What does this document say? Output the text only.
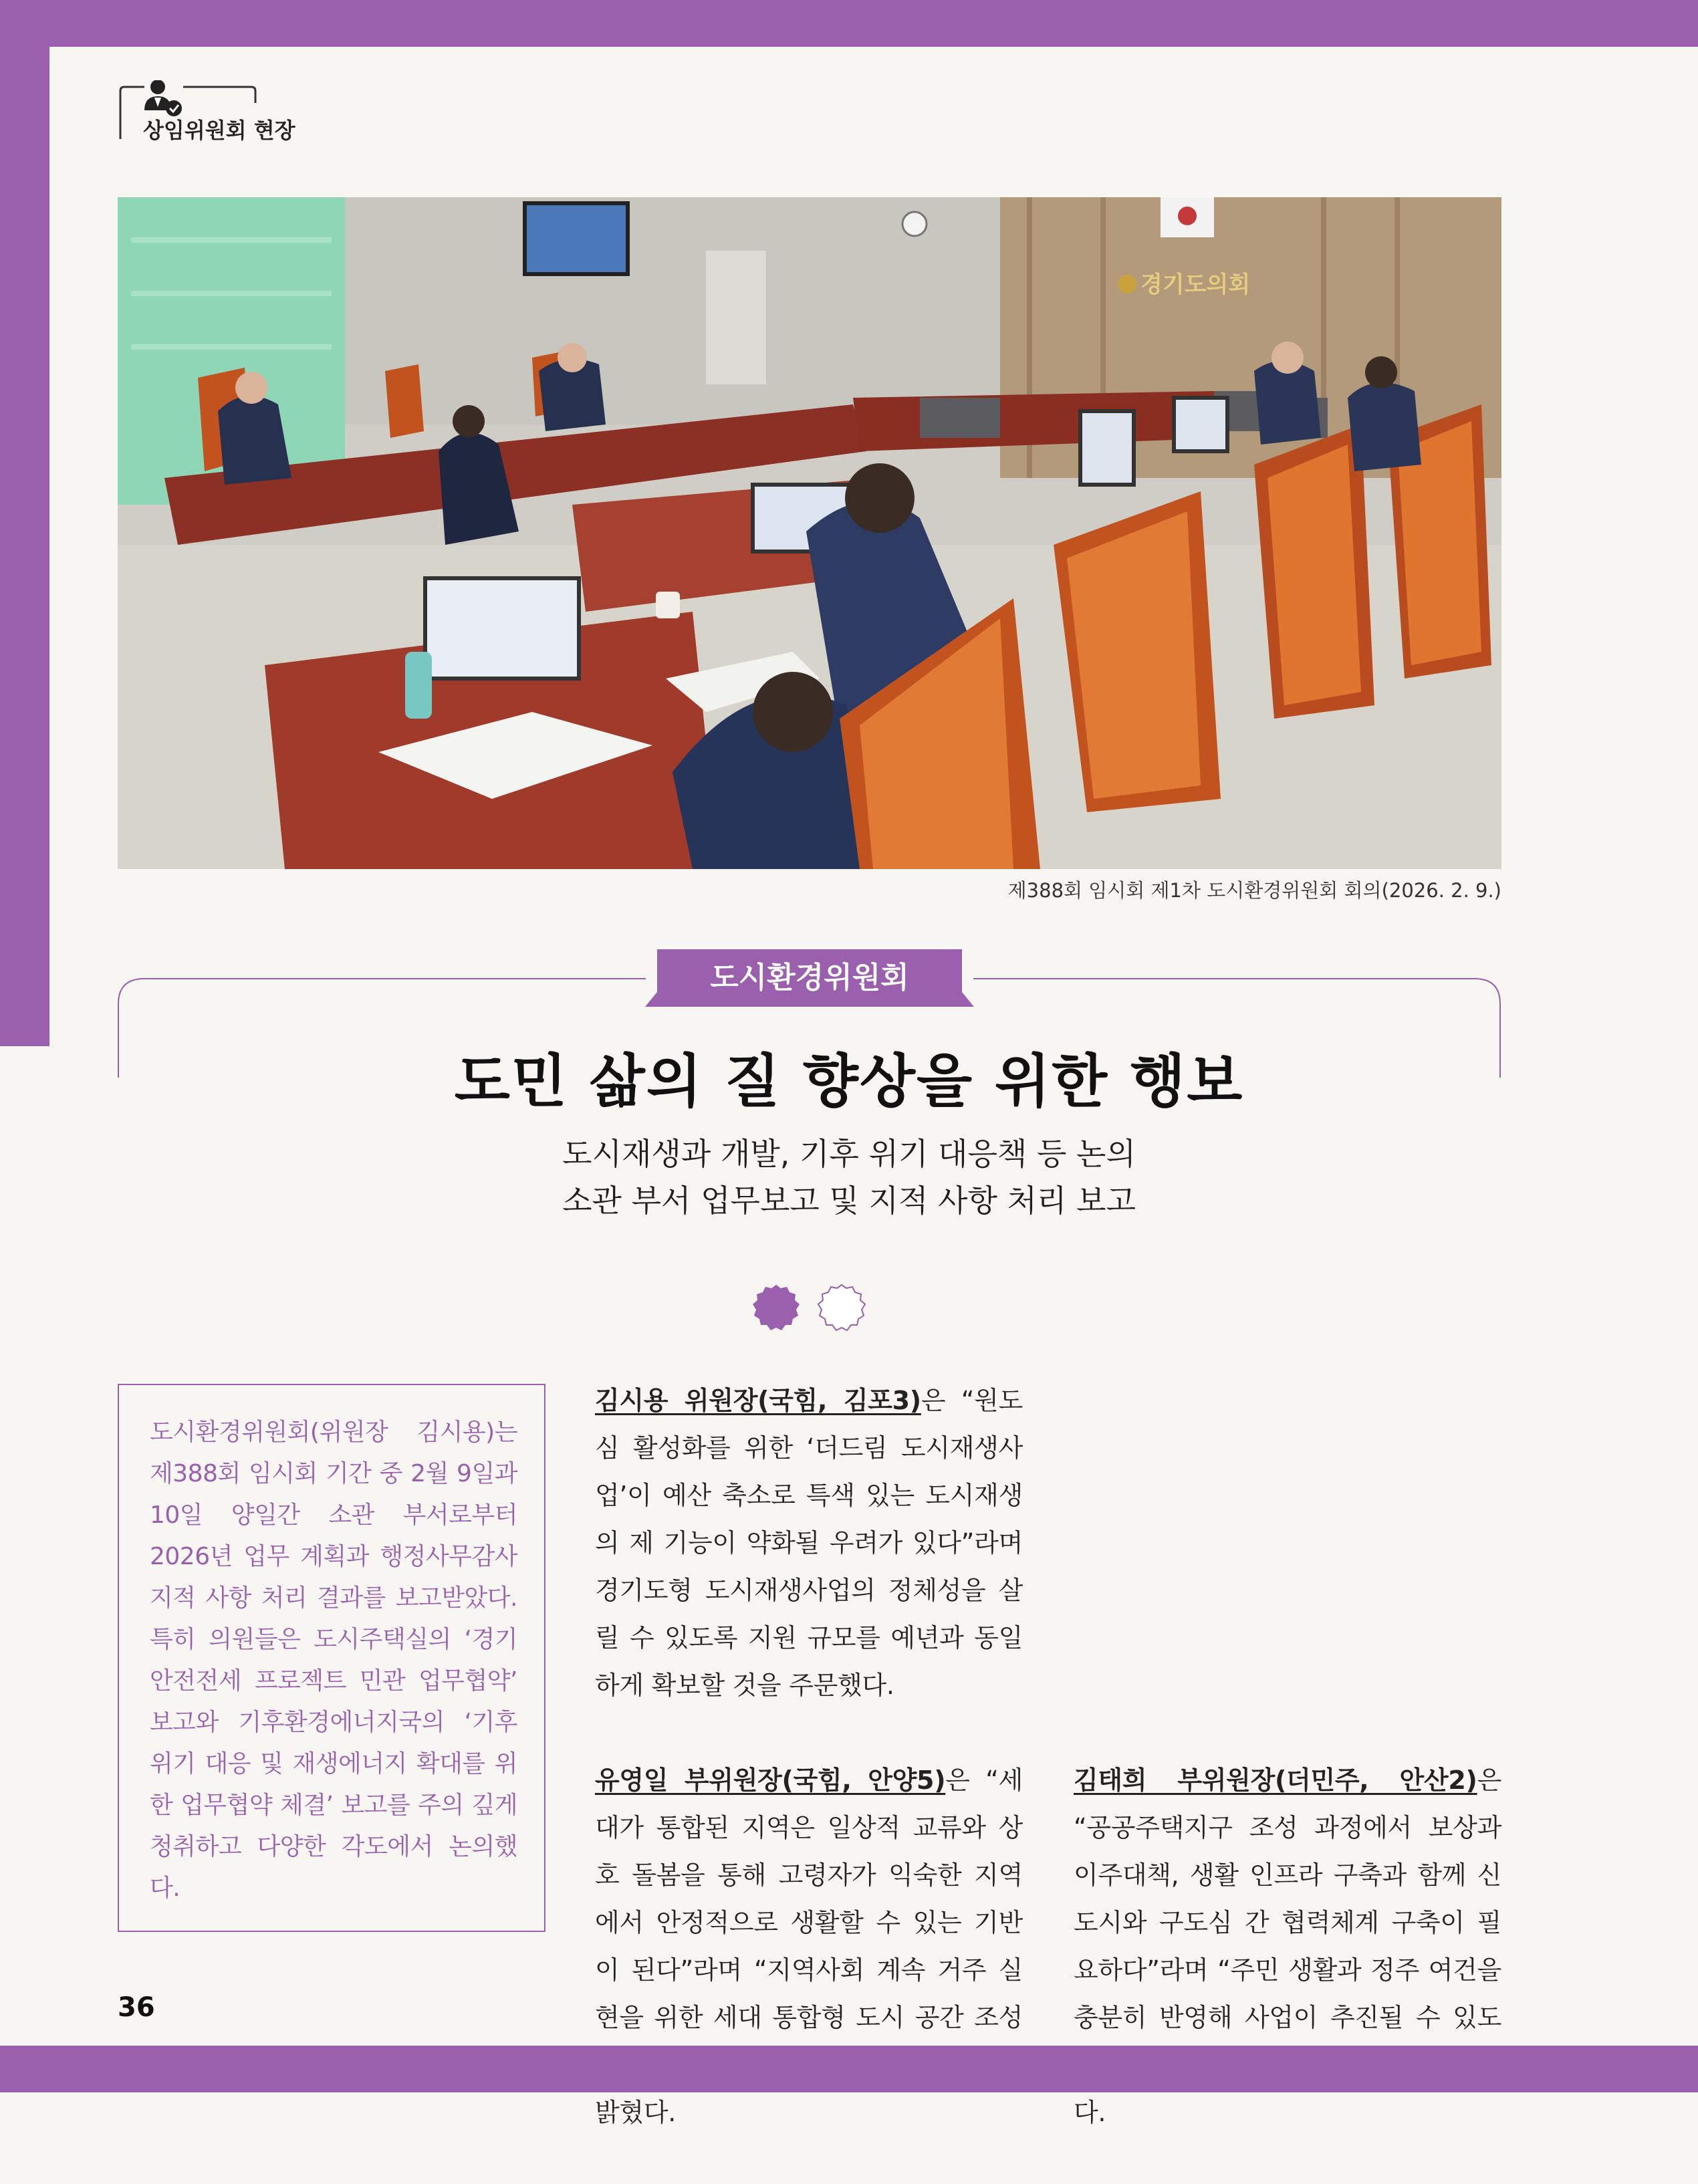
상임위원회 현장
경기도의회
제388회 임시회 제1차 도시환경위원회 회의(2026. 2. 9.)
도시환경위원회
도민 삶의 질 향상을 위한 행보
도시재생과 개발, 기후 위기 대응책 등 논의
소관 부서 업무보고 및 지적 사항 처리 보고

도시환경위원회(위원장 김시용)는 제388회 임시회 기간 중 2월 9일과 10일 양일간 소관 부서로부터 2026년 업무 계획과 행정사무감사 지적 사항 처리 결과를 보고받았다. 특히 의원들은 도시주택실의 ‘경기 안전전세 프로젝트 민관 업무협약’ 보고와 기후환경에너지국의 ‘기후 위기 대응 및 재생에너지 확대를 위한 업무협약 체결’ 보고를 주의 깊게 청취하고 다양한 각도에서 논의했다.

김시용 위원장(국힘, 김포3)은 “원도심 활성화를 위한 ‘더드림 도시재생사업’이 예산 축소로 특색 있는 도시재생의 제 기능이 약화될 우려가 있다”라며 경기도형 도시재생사업의 정체성을 살릴 수 있도록 지원 규모를 예년과 동일하게 확보할 것을 주문했다.

유영일 부위원장(국힘, 안양5)은 “세대가 통합된 지역은 일상적 교류와 상호 돌봄을 통해 고령자가 익숙한 지역에서 안정적으로 생활할 수 있는 기반이 된다”라며 “지역사회 계속 거주 실현을 위한 세대 통합형 도시 공간 조성 밝혔다.

김태희 부위원장(더민주, 안산2)은 “공공주택지구 조성 과정에서 보상과 이주대책, 생활 인프라 구축과 함께 신도시와 구도심 간 협력체계 구축이 필요하다”라며 “주민 생활과 정주 여건을 충분히 반영해 사업이 추진될 수 있도 다.

36
